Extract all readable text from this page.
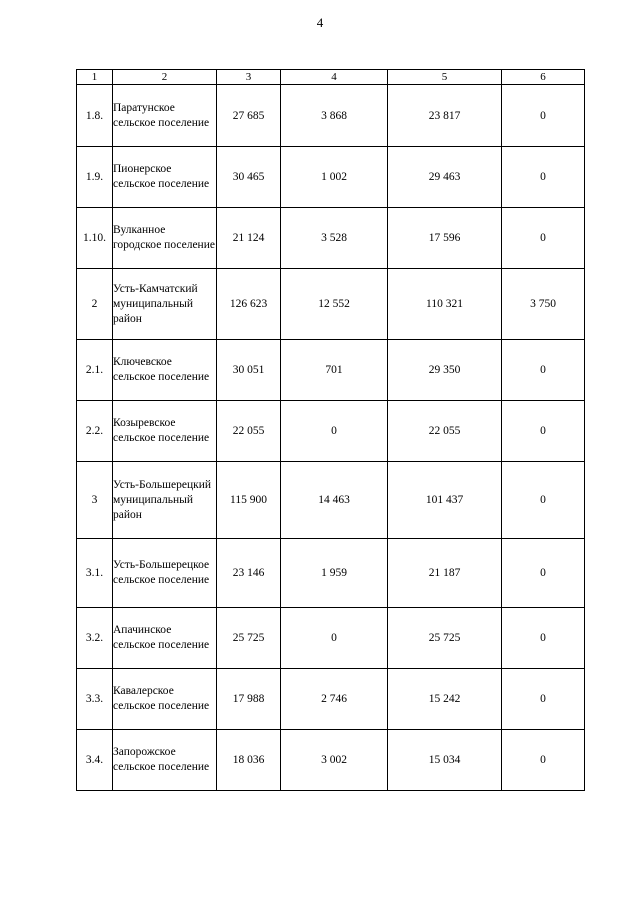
4
1	2	3	4	5	6
1.8.	Паратунское сельское поселение	27 685	3 868	23 817	0
1.9.	Пионерское сельское поселение	30 465	1 002	29 463	0
1.10.	Вулканное городское поселение	21 124	3 528	17 596	0
2	Усть-Камчатский муниципальный район	126 623	12 552	110 321	3 750
2.1.	Ключевское сельское поселение	30 051	701	29 350	0
2.2.	Козыревское сельское поселение	22 055	0	22 055	0
3	Усть-Большерецкий муниципальный район	115 900	14 463	101 437	0
3.1.	Усть-Большерецкое сельское поселение	23 146	1 959	21 187	0
3.2.	Апачинское сельское поселение	25 725	0	25 725	0
3.3.	Кавалерское сельское поселение	17 988	2 746	15 242	0
3.4.	Запорожское сельское поселение	18 036	3 002	15 034	0
